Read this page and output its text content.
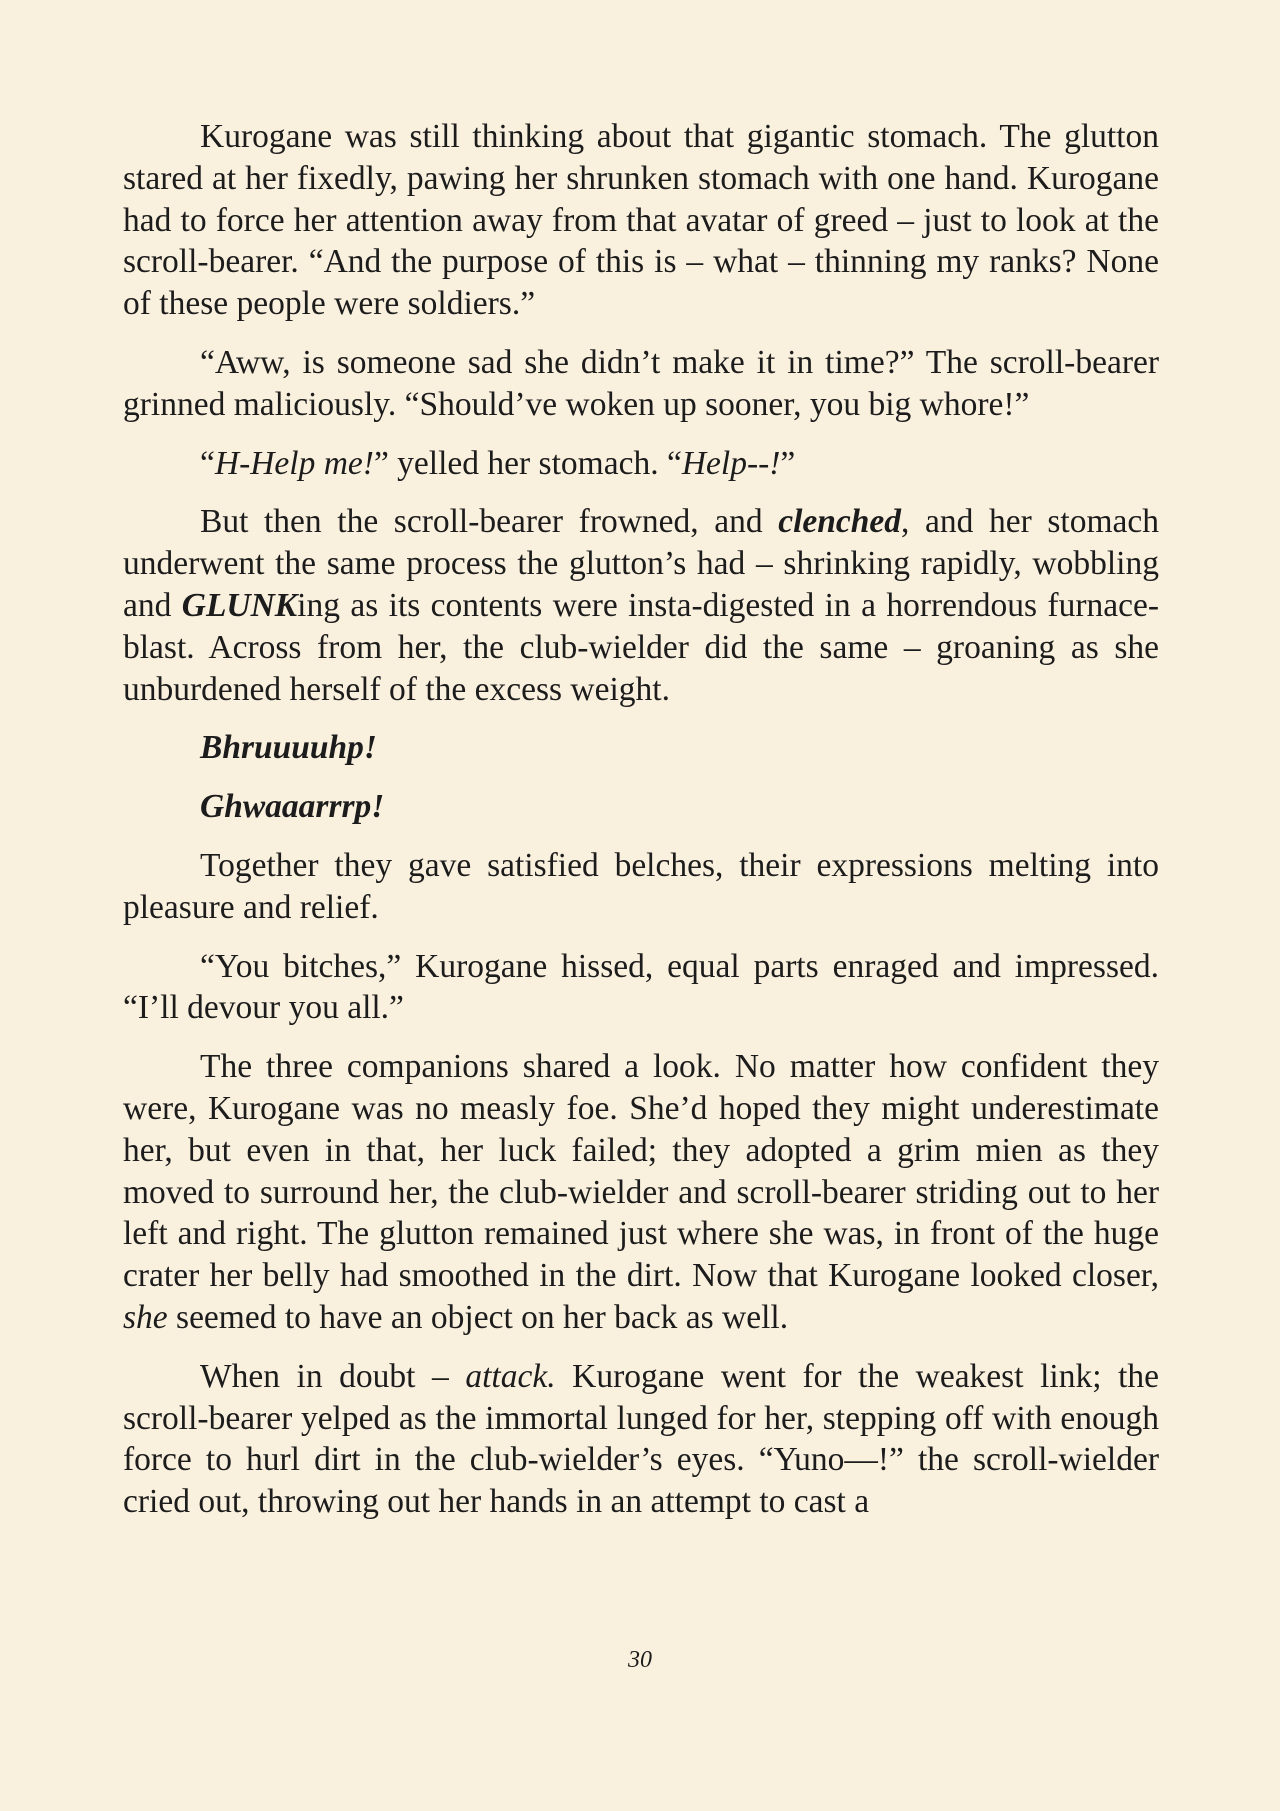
Kurogane was still thinking about that gigantic stomach. The glutton stared at her fixedly, pawing her shrunken stomach with one hand. Kurogane had to force her attention away from that avatar of greed – just to look at the scroll-bearer. “And the purpose of this is – what – thinning my ranks? None of these people were soldiers.”

“Aww, is someone sad she didn’t make it in time?” The scroll-bearer grinned maliciously. “Should’ve woken up sooner, you big whore!”

“H-Help me!” yelled her stomach. “Help--!”

But then the scroll-bearer frowned, and clenched, and her stomach underwent the same process the glutton’s had – shrinking rapidly, wobbling and GLUNKing as its contents were insta-digested in a horrendous furnace-blast. Across from her, the club-wielder did the same – groaning as she unburdened herself of the excess weight.

Bhruuuuhp!

Ghwaaarrrp!

Together they gave satisfied belches, their expressions melting into pleasure and relief.

“You bitches,” Kurogane hissed, equal parts enraged and impressed. “I’ll devour you all.”

The three companions shared a look. No matter how confident they were, Kurogane was no measly foe. She’d hoped they might underestimate her, but even in that, her luck failed; they adopted a grim mien as they moved to surround her, the club-wielder and scroll-bearer striding out to her left and right. The glutton remained just where she was, in front of the huge crater her belly had smoothed in the dirt. Now that Kurogane looked closer, she seemed to have an object on her back as well.

When in doubt – attack. Kurogane went for the weakest link; the scroll-bearer yelped as the immortal lunged for her, stepping off with enough force to hurl dirt in the club-wielder’s eyes. “Yuno—!” the scroll-wielder cried out, throwing out her hands in an attempt to cast a

30
